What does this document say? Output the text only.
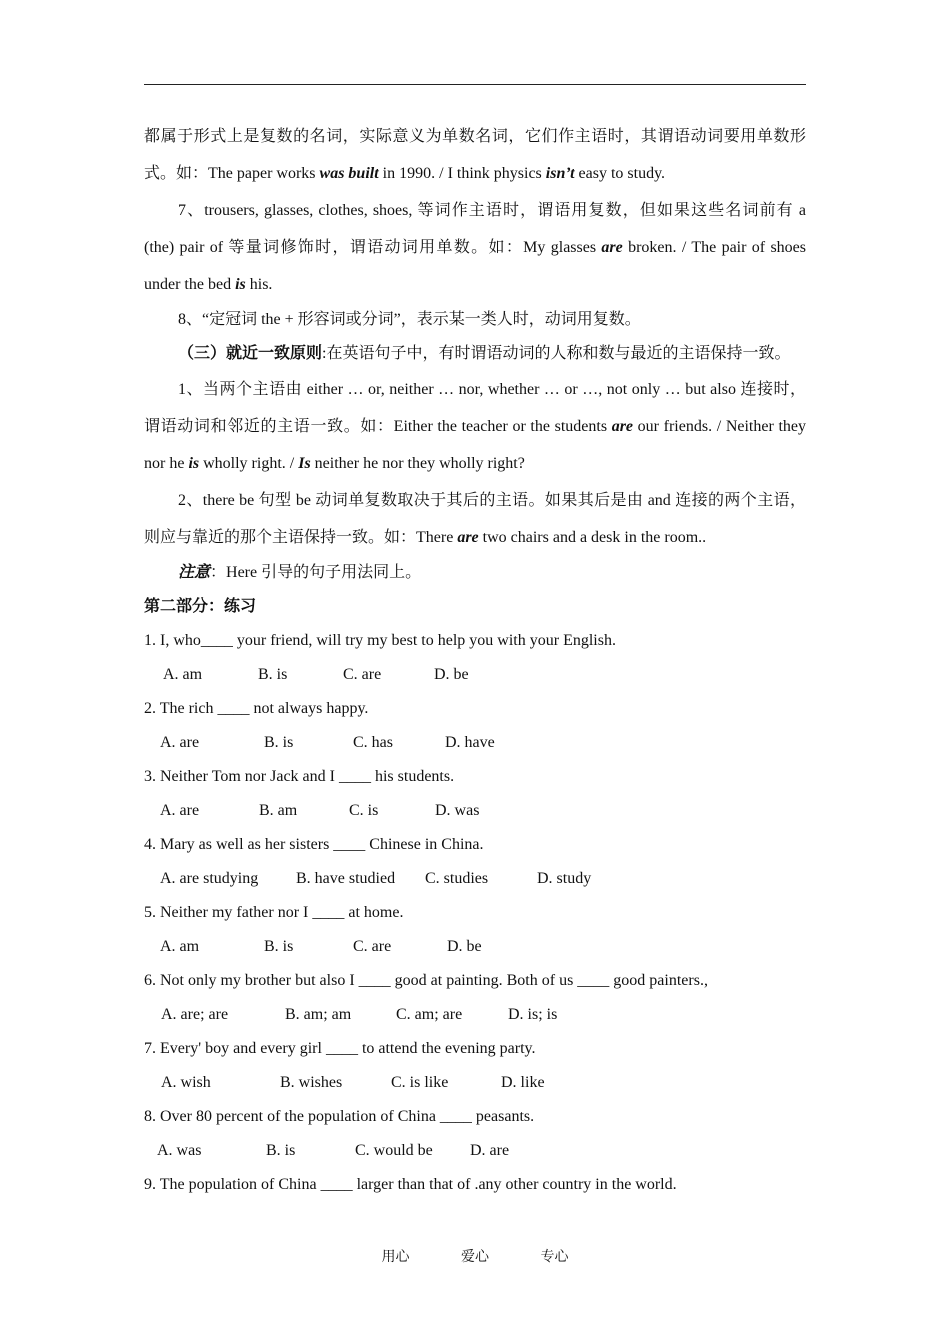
都属于形式上是复数的名词，实际意义为单数名词，它们作主语时，其谓语动词要用单数形式。如：The paper works was built in 1990. / I think physics isn’t easy to study.

7、trousers, glasses, clothes, shoes, 等词作主语时，谓语用复数，但如果这些名词前有 a (the) pair of 等量词修饰时，谓语动词用单数。如：My glasses are broken. / The pair of shoes under the bed is his.

8、“定冠词 the + 形容词或分词”，表示某一类人时，动词用复数。

（三）就近一致原则:在英语句子中，有时谓语动词的人称和数与最近的主语保持一致。

1、当两个主语由 either … or, neither … nor, whether … or …, not only … but also 连接时，谓语动词和邻近的主语一致。如：Either the teacher or the students are our friends. / Neither they nor he is wholly right. / Is neither he nor they wholly right?

2、there be 句型 be 动词单复数取决于其后的主语。如果其后是由 and 连接的两个主语，则应与靠近的那个主语保持一致。如：There are two chairs and a desk in the room..

注意：Here 引导的句子用法同上。

第二部分：练习

1. I, who____ your friend, will try my best to help you with your English.

A. am	B. is	C. are	D. be

2. The rich ____ not always happy.

A. are	B. is	C. has	D. have

3. Neither Tom nor Jack and I ____ his students.

A. are	B. am	C. is	D. was

4. Mary as well as her sisters ____ Chinese in China.

A. are studying B. have studied C. studies	D. study

5. Neither my father nor I ____ at home.

A. am	B. is	C. are	D. be

6. Not only my brother but also I ____ good at painting. Both of us ____ good painters.,

A. are; are	B. am; am	C. am; are	D. is; is

7. Every' boy and every girl ____ to attend the evening party.

A. wish	B. wishes	C. is like	D. like

8. Over 80 percent of the population of China ____ peasants.

A. was	B. is	C. would be D. are

9. The population of China ____ larger than that of .any other country in the world.

用心	爱心	专心
